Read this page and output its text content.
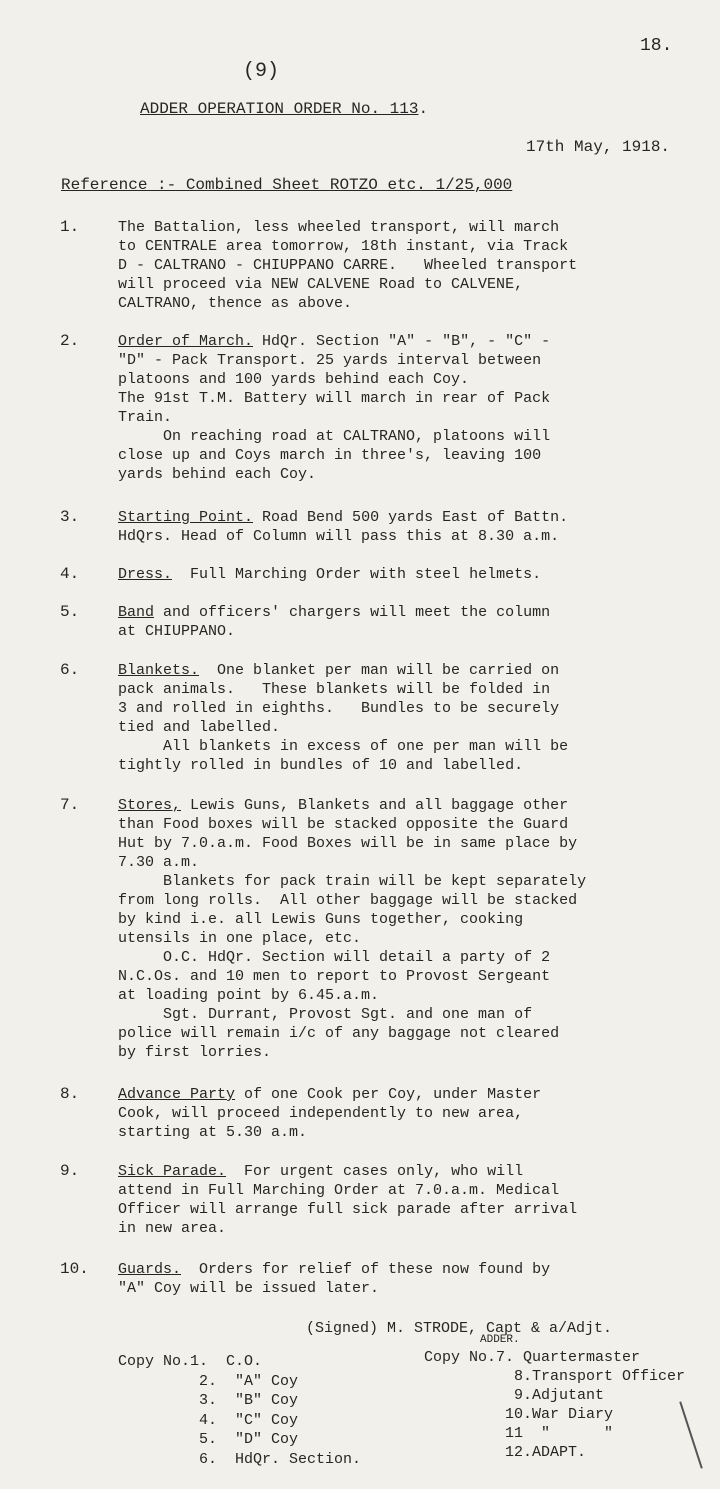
18.
(9)
ADDER OPERATION ORDER No. 113.
17th May, 1918.
Reference :- Combined Sheet ROTZO etc. 1/25,000
1.	The Battalion, less wheeled transport, will march
to CENTRALE area tomorrow, 18th instant, via Track
D - CALTRANO - CHIUPPANO CARRE.   Wheeled transport
will proceed via NEW CALVENE Road to CALVENE,
CALTRANO, thence as above.
2.	Order of March. HdQr. Section "A" - "B", - "C" -
"D" - Pack Transport. 25 yards interval between
platoons and 100 yards behind each Coy.
The 91st T.M. Battery will march in rear of Pack
Train.
On reaching road at CALTRANO, platoons will
close up and Coys march in three's, leaving 100
yards behind each Coy.
3.	Starting Point. Road Bend 500 yards East of Battn.
HdQrs. Head of Column will pass this at 8.30 a.m.
4.	Dress.  Full Marching Order with steel helmets.
5.	Band and officers' chargers will meet the column
at CHIUPPANO.
6.	Blankets.  One blanket per man will be carried on
pack animals.   These blankets will be folded in
3 and rolled in eighths.   Bundles to be securely
tied and labelled.
All blankets in excess of one per man will be
tightly rolled in bundles of 10 and labelled.
7.	Stores, Lewis Guns, Blankets and all baggage other
than Food boxes will be stacked opposite the Guard
Hut by 7.0.a.m. Food Boxes will be in same place by
7.30 a.m.
Blankets for pack train will be kept separately
from long rolls.  All other baggage will be stacked
by kind i.e. all Lewis Guns together, cooking
utensils in one place, etc.
O.C. HdQr. Section will detail a party of 2
N.C.Os. and 10 men to report to Provost Sergeant
at loading point by 6.45.a.m.
Sgt. Durrant, Provost Sgt. and one man of
police will remain i/c of any baggage not cleared
by first lorries.
8.	Advance Party of one Cook per Coy, under Master
Cook, will proceed independently to new area,
starting at 5.30 a.m.
9.	Sick Parade.  For urgent cases only, who will
attend in Full Marching Order at 7.0.a.m. Medical
Officer will arrange full sick parade after arrival
in new area.
10. Guards.  Orders for relief of these now found by
"A" Coy will be issued later.
(Signed) M. STRODE, Capt & a/Adjt.
ADDER.
Copy No.1.  C.O.
2.  "A" Coy
3.  "B" Coy
4.  "C" Coy
5.  "D" Coy
6.  HdQr. Section.
Copy No.7. Quartermaster
8.Transport Officer
9.Adjutant
10.War Diary
11  "      "
12.ADAPT.
